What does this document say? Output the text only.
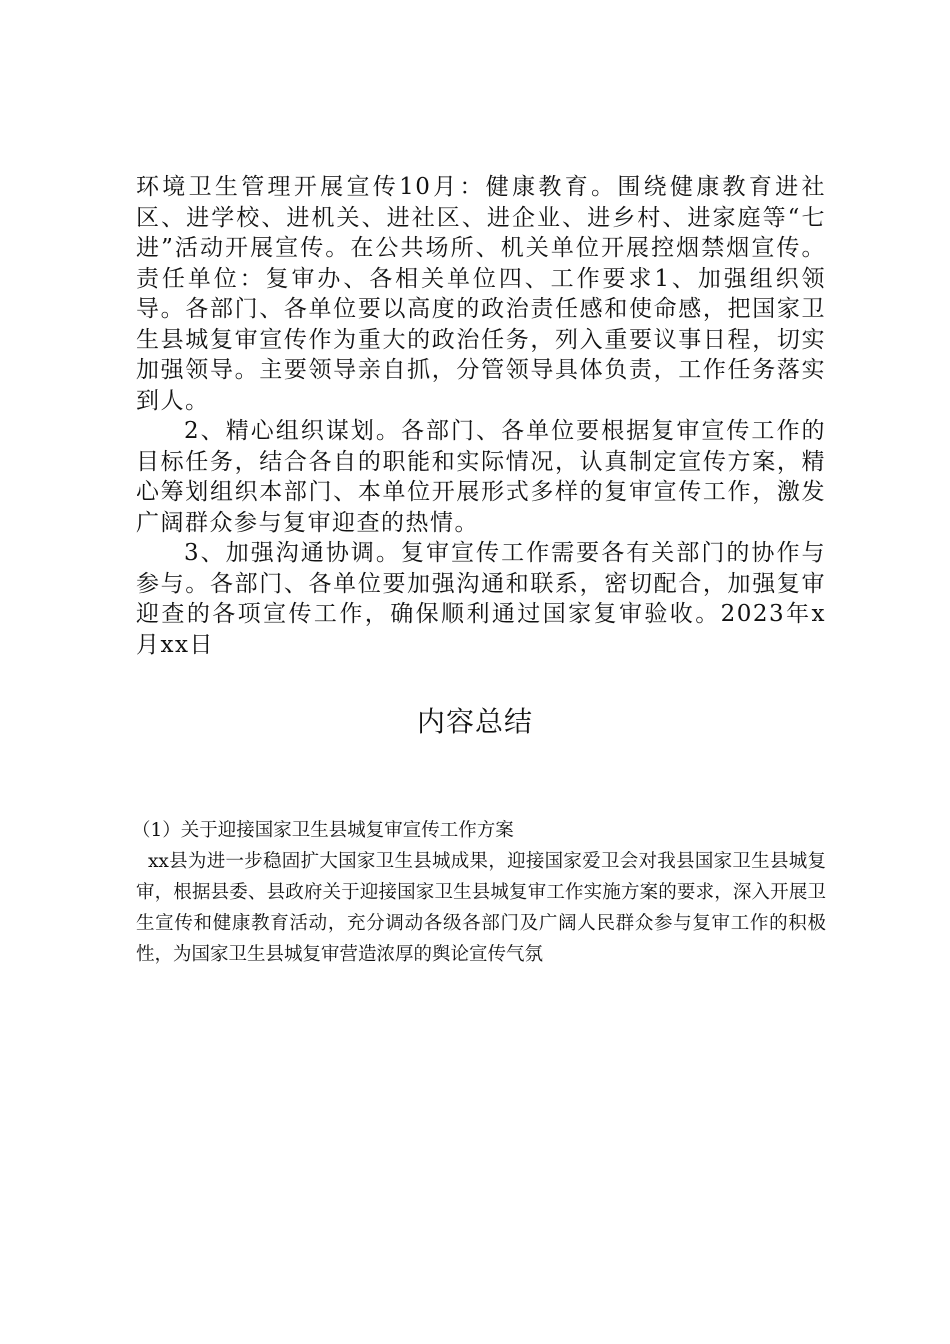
环境卫生管理开展宣传10月：健康教育。围绕健康教育进社区、进学校、进机关、进社区、进企业、进乡村、进家庭等“七进”活动开展宣传。在公共场所、机关单位开展控烟禁烟宣传。责任单位：复审办、各相关单位四、工作要求1、加强组织领导。各部门、各单位要以高度的政治责任感和使命感，把国家卫生县城复审宣传作为重大的政治任务，列入重要议事日程，切实加强领导。主要领导亲自抓，分管领导具体负责，工作任务落实到人。

2、精心组织谋划。各部门、各单位要根据复审宣传工作的目标任务，结合各自的职能和实际情况，认真制定宣传方案，精心筹划组织本部门、本单位开展形式多样的复审宣传工作，激发广阔群众参与复审迎查的热情。

3、加强沟通协调。复审宣传工作需要各有关部门的协作与参与。各部门、各单位要加强沟通和联系，密切配合，加强复审迎查的各项宣传工作，确保顺利通过国家复审验收。2023年x月xx日

内容总结

（1）关于迎接国家卫生县城复审宣传工作方案

xx县为进一步稳固扩大国家卫生县城成果，迎接国家爱卫会对我县国家卫生县城复审，根据县委、县政府关于迎接国家卫生县城复审工作实施方案的要求，深入开展卫生宣传和健康教育活动，充分调动各级各部门及广阔人民群众参与复审工作的积极性，为国家卫生县城复审营造浓厚的舆论宣传气氛
